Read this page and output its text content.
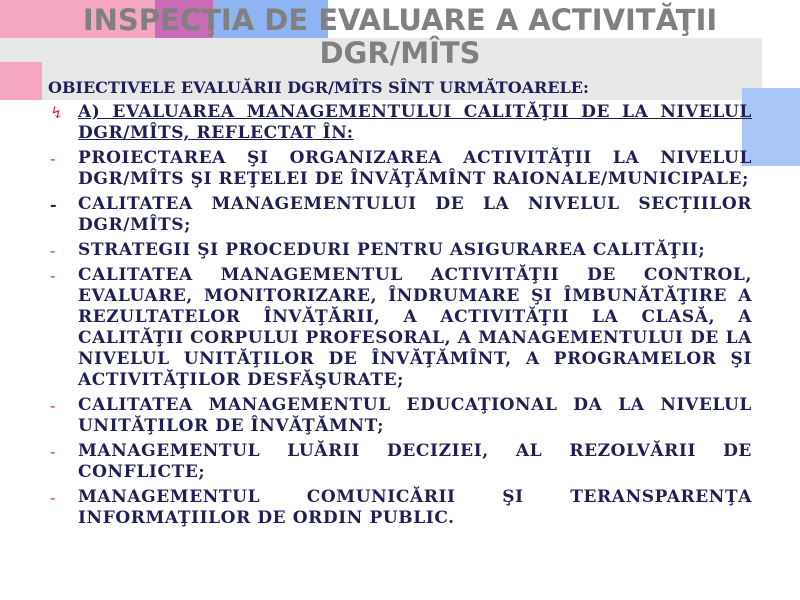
INSPECŢIA DE EVALUARE A ACTIVITĂŢII DGR/MÎTS
OBIECTIVELE EVALUĂRII DGR/MÎTS SÎNT URMĂTOARELE:
↯ A) EVALUAREA MANAGEMENTULUI CALITĂŢII DE LA NIVELUL DGR/MÎTS, REFLECTAT ÎN:
- PROIECTAREA ŞI ORGANIZAREA ACTIVITĂŢII LA NIVELUL DGR/MÎTS ŞI REŢELEI DE ÎNVĂŢĂMÎNT RAIONALE/MUNICIPALE;
- CALITATEA MANAGEMENTULUI DE LA NIVELUL SECȚIILOR DGR/MÎTS;
- STRATEGII ŞI PROCEDURI PENTRU ASIGURAREA CALITĂŢII;
- CALITATEA MANAGEMENTUL ACTIVITĂŢII DE CONTROL, EVALUARE, MONITORIZARE, ÎNDRUMARE ŞI ÎMBUNĂTĂŢIRE A REZULTATELOR ÎNVĂŢĂRII, A ACTIVITĂŢII LA CLASĂ, A CALITĂŢII CORPULUI PROFESORAL, A MANAGEMENTULUI DE LA NIVELUL UNITĂŢILOR DE ÎNVĂŢĂMÎNT, A PROGRAMELOR ŞI ACTIVITĂŢILOR DESFĂŞURATE;
- CALITATEA MANAGEMENTUL EDUCAŢIONAL DA LA NIVELUL UNITĂŢILOR DE ÎNVĂŢĂMNT;
- MANAGEMENTUL LUĂRII DECIZIEI, AL REZOLVĂRII DE CONFLICTE;
- MANAGEMENTUL COMUNICĂRII ŞI TERANSPARENŢA INFORMAŢIILOR DE ORDIN PUBLIC.
